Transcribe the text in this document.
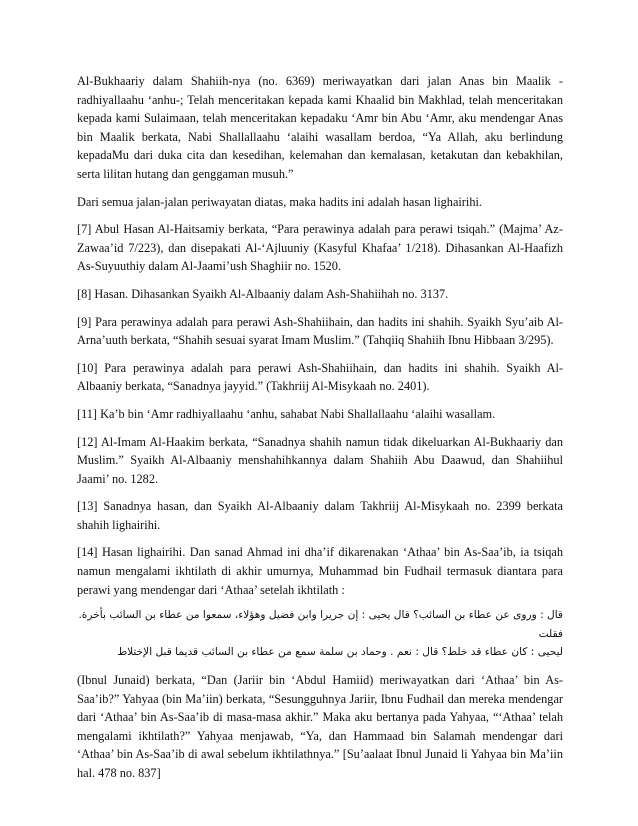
Al-Bukhaariy dalam Shahiih-nya (no. 6369) meriwayatkan dari jalan Anas bin Maalik -radhiyallaahu ‘anhu-; Telah menceritakan kepada kami Khaalid bin Makhlad, telah menceritakan kepada kami Sulaimaan, telah menceritakan kepadaku ‘Amr bin Abu ‘Amr, aku mendengar Anas bin Maalik berkata, Nabi Shallallaahu ‘alaihi wasallam berdoa, “Ya Allah, aku berlindung kepadaMu dari duka cita dan kesedihan, kelemahan dan kemalasan, ketakutan dan kebakhilan, serta lilitan hutang dan genggaman musuh.”

Dari semua jalan-jalan periwayatan diatas, maka hadits ini adalah hasan lighairihi.

[7] Abul Hasan Al-Haitsamiy berkata, “Para perawinya adalah para perawi tsiqah.” (Majma’ Az-Zawaa’id 7/223), dan disepakati Al-‘Ajluuniy (Kasyful Khafaa’ 1/218). Dihasankan Al-Haafizh As-Suyuuthiy dalam Al-Jaami’ush Shaghiir no. 1520.

[8] Hasan. Dihasankan Syaikh Al-Albaaniy dalam Ash-Shahiihah no. 3137.

[9] Para perawinya adalah para perawi Ash-Shahiihain, dan hadits ini shahih. Syaikh Syu’aib Al-Arna’uuth berkata, “Shahih sesuai syarat Imam Muslim.” (Tahqiiq Shahiih Ibnu Hibbaan 3/295).

[10] Para perawinya adalah para perawi Ash-Shahiihain, dan hadits ini shahih. Syaikh Al-Albaaniy berkata, “Sanadnya jayyid.” (Takhriij Al-Misykaah no. 2401).

[11] Ka’b bin ‘Amr radhiyallaahu ‘anhu, sahabat Nabi Shallallaahu ‘alaihi wasallam.

[12] Al-Imam Al-Haakim berkata, “Sanadnya shahih namun tidak dikeluarkan Al-Bukhaariy dan Muslim.” Syaikh Al-Albaaniy menshahihkannya dalam Shahiih Abu Daawud, dan Shahiihul Jaami’ no. 1282.

[13] Sanadnya hasan, dan Syaikh Al-Albaaniy dalam Takhriij Al-Misykaah no. 2399 berkata shahih lighairihi.

[14] Hasan lighairihi. Dan sanad Ahmad ini dha’if dikarenakan ‘Athaa’ bin As-Saa’ib, ia tsiqah namun mengalami ikhtilath di akhir umurnya, Muhammad bin Fudhail termasuk diantara para perawi yang mendengar dari ‘Athaa’ setelah ikhtilath :

قال : وروى عن عطاء بن السائب؟ قال يحيى : إن جريرا وابن فضيل وهؤلاء، سمعوا من عطاء بن السائب بأخرة. فقلت
ليحيى : كان عطاء قد خلط؟ قال : نعم . وحماد بن سلمة سمع من عطاء بن السائب قديما قبل الإختلاط

(Ibnul Junaid) berkata, “Dan (Jariir bin ‘Abdul Hamiid) meriwayatkan dari ‘Athaa’ bin As-Saa’ib?” Yahyaa (bin Ma’iin) berkata, “Sesungguhnya Jariir, Ibnu Fudhail dan mereka mendengar dari ‘Athaa’ bin As-Saa’ib di masa-masa akhir.” Maka aku bertanya pada Yahyaa, “‘Athaa’ telah mengalami ikhtilath?” Yahyaa menjawab, “Ya, dan Hammaad bin Salamah mendengar dari ‘Athaa’ bin As-Saa’ib di awal sebelum ikhtilathnya.” [Su’aalaat Ibnul Junaid li Yahyaa bin Ma’iin hal. 478 no. 837]
